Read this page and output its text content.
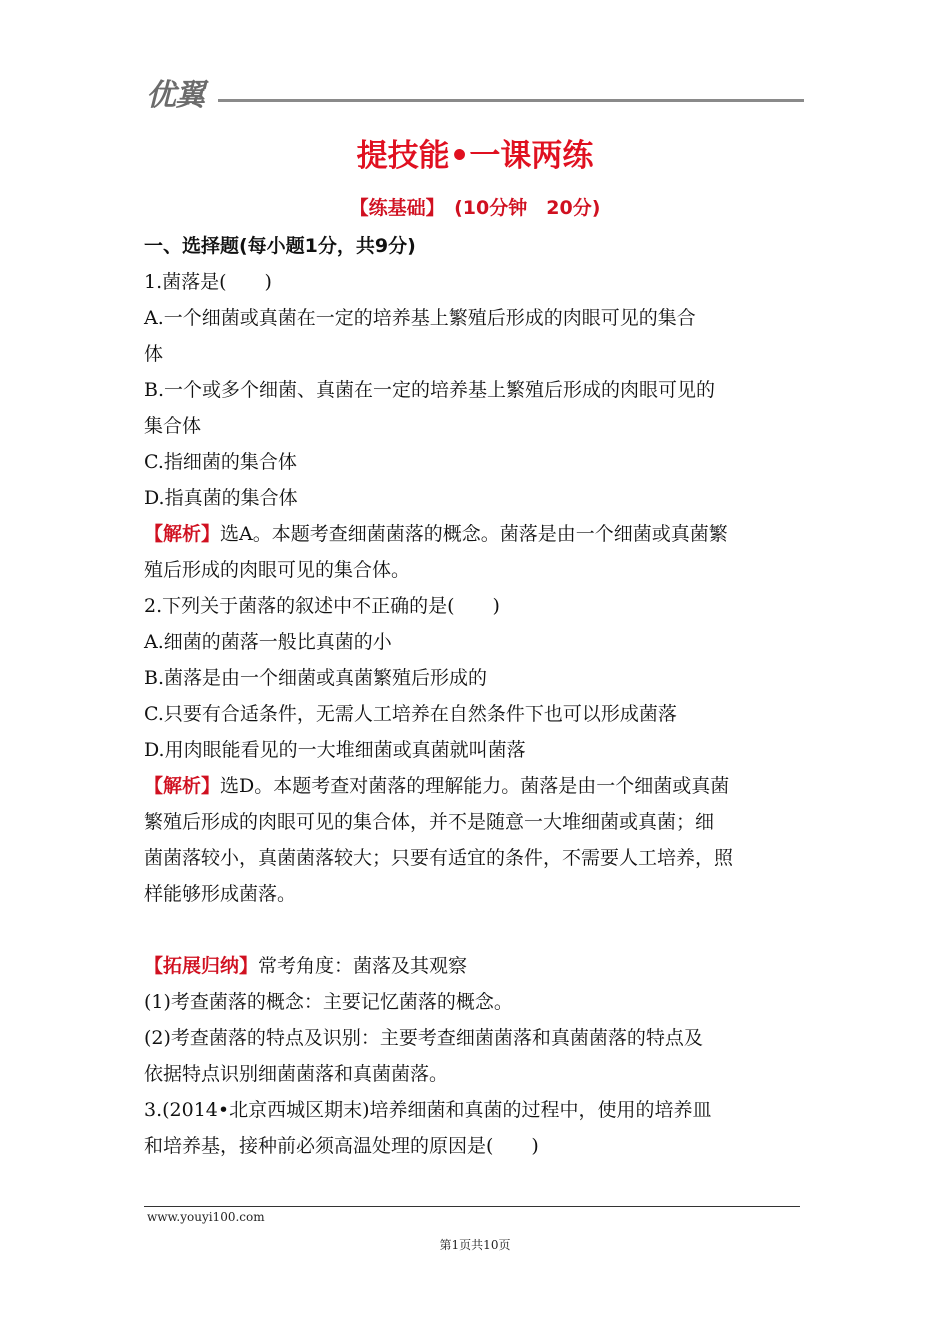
优翼
提技能•一课两练
【练基础】　(10分钟　20分)
一、选择题(每小题1分，共9分)
1.菌落是(　　)
A.一个细菌或真菌在一定的培养基上繁殖后形成的肉眼可见的集合
体
B.一个或多个细菌、真菌在一定的培养基上繁殖后形成的肉眼可见的
集合体
C.指细菌的集合体
D.指真菌的集合体
【解析】选A。本题考查细菌菌落的概念。菌落是由一个细菌或真菌繁
殖后形成的肉眼可见的集合体。
2.下列关于菌落的叙述中不正确的是(　　)
A.细菌的菌落一般比真菌的小
B.菌落是由一个细菌或真菌繁殖后形成的
C.只要有合适条件，无需人工培养在自然条件下也可以形成菌落
D.用肉眼能看见的一大堆细菌或真菌就叫菌落
【解析】选D。本题考查对菌落的理解能力。菌落是由一个细菌或真菌
繁殖后形成的肉眼可见的集合体，并不是随意一大堆细菌或真菌；细
菌菌落较小，真菌菌落较大；只要有适宜的条件，不需要人工培养，照
样能够形成菌落。
【拓展归纳】常考角度：菌落及其观察
(1)考查菌落的概念：主要记忆菌落的概念。
(2)考查菌落的特点及识别：主要考查细菌菌落和真菌菌落的特点及
依据特点识别细菌菌落和真菌菌落。
3.(2014•北京西城区期末)培养细菌和真菌的过程中，使用的培养皿
和培养基，接种前必须高温处理的原因是(　　)
www.youyi100.com
第1页共10页
